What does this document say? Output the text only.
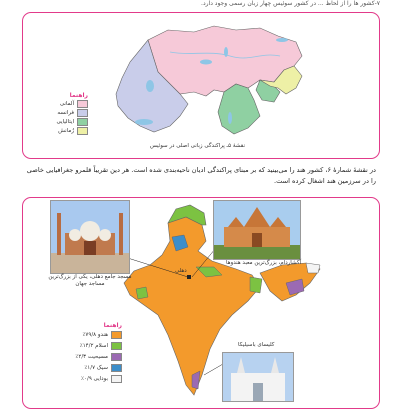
۷-کشور ها را از لحاظ ... در کشور سوئیس چهار زبان رسمی وجود دارد.
راهنما
آلمانی
فرانسه
ایتالیایی
رُمانش
نقشهٔ ۵ـ پراکندگی زبانی اصلی در سوئیس
در نقشهٔ شمارهٔ ۶، کشور هند را می‌بینید که بر مبنای پراکندگی ادیان ناحیه‌بندی شده است. هر دین تقریباً قلمرو جغرافیایی خاصی را در سرزمین هند اشغال کرده است.
دهلی
مسجد جامع دهلی، یکی از بزرگ‌ترین مساجد جهان
آکشاردام، بزرگ‌ترین معبد هندوها
کلیسای باسیلیکا
راهنما
هندو ۷۹/۸٪
اسلام ۱۴/۲٪
مسیحیت ۲/۳٪
سیک ۱/۷٪
بودایی ۰/۹٪
